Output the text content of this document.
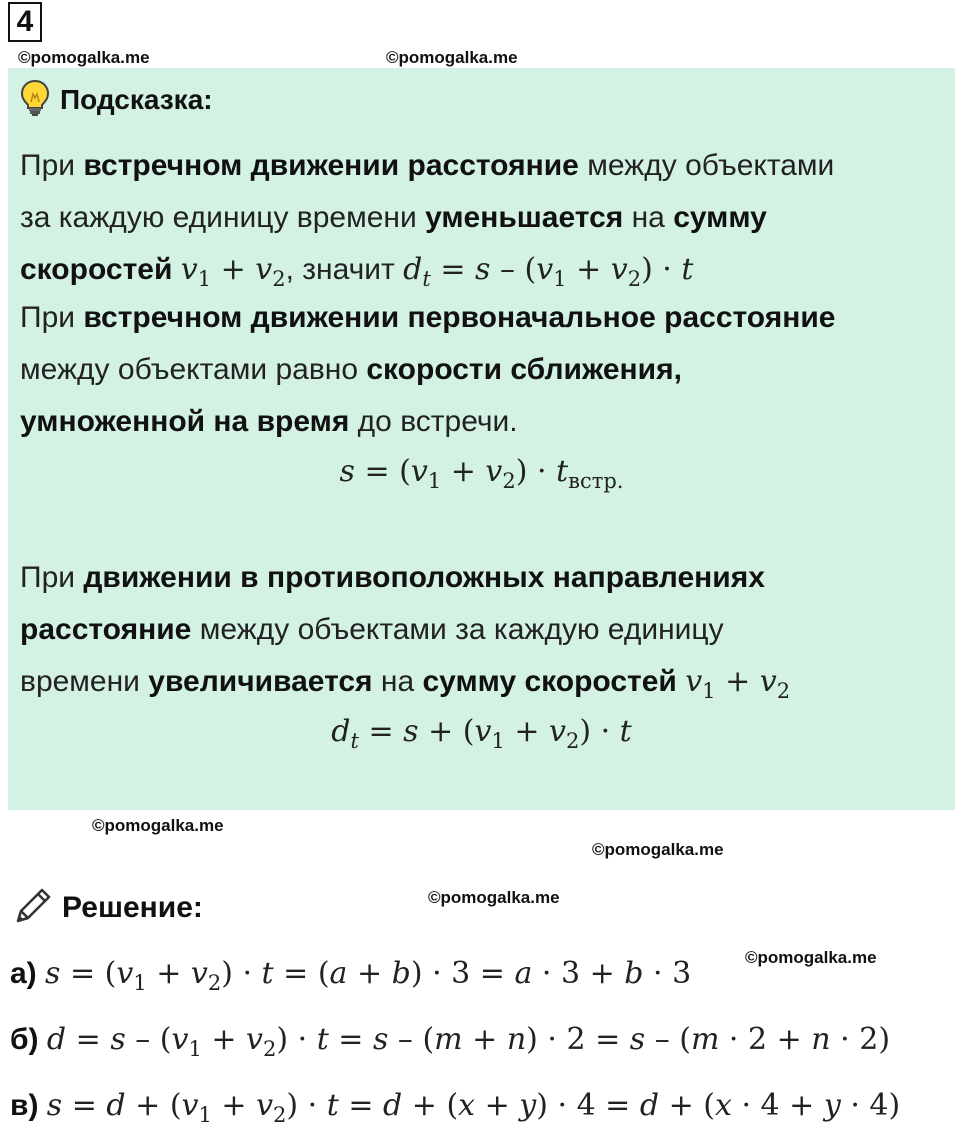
4
©pomogalka.me	©pomogalka.me
©pomogalka.me
©pomogalka.me
©pomogalka.me
©pomogalka.me
Подсказка:
При встречном движении расстояние между объектами
за каждую единицу времени уменьшается на сумму
скоростей $v_1 + v_2$, значит $d_t = s - (v_1 + v_2) \cdot t$
При встречном движении первоначальное расстояние
между объектами равно скорости сближения,
умноженной на время до встречи.
$s = (v_1 + v_2) \cdot t_{встр.}$
При движении в противоположных направлениях
расстояние между объектами за каждую единицу
времени увеличивается на сумму скоростей $v_1 + v_2$
$d_t = s + (v_1 + v_2) \cdot t$
Решение:
а) $s = (v_1 + v_2) \cdot t = (a + b) \cdot 3 = a \cdot 3 + b \cdot 3$
б) $d = s - (v_1 + v_2) \cdot t = s - (m + n) \cdot 2 = s - (m \cdot 2 + n \cdot 2)$
в) $s = d + (v_1 + v_2) \cdot t = d + (x + y) \cdot 4 = d + (x \cdot 4 + y \cdot 4)$
